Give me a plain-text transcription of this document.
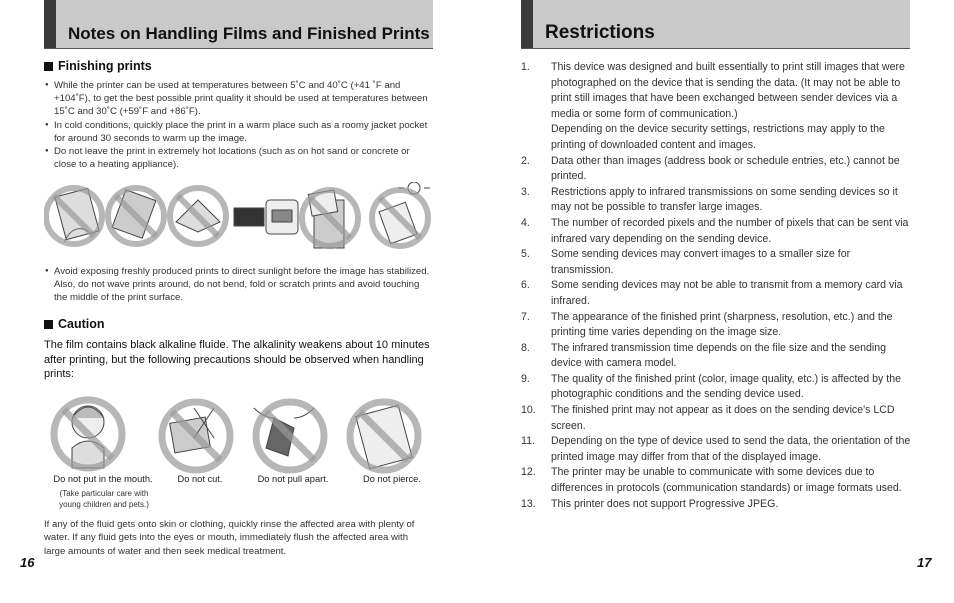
Notes on Handling Films and Finished Prints
Finishing prints
● While the printer can be used at temperatures between 5˚C and 40˚C (+41 ˚F and +104˚F), to get the best possible print quality it should be used at temperatures between 15˚C and 30˚C (+59˚F and +86˚F).
● In cold conditions, quickly place the print in a warm place such as a roomy jacket pocket for around 30 seconds to warm up the image.
● Do not leave the print in extremely hot locations (such as on hot sand or concrete or close to a heating appliance).
● Avoid exposing freshly produced prints to direct sunlight before the image has stabilized. Also, do not wave prints around, do not bend, fold or scratch prints and avoid touching the middle of the print surface.
Caution

The film contains black alkaline fluide. The alkalinity weakens about 10 minutes after printing, but the following precautions should be observed when handling prints:

Do not put in the mouth.	Do not cut.	Do not pull apart.	Do not pierce.
(Take particular care with young children and pets.)

If any of the fluid gets onto skin or clothing, quickly rinse the affected area with plenty of water. If any fluid gets into the eyes or mouth, immediately flush the affected area with large amounts of water and then seek medical treatment.

16
Restrictions
1.	This device was designed and built essentially to print still images that were photographed on the device that is sending the data. (It may not be able to print still images that have been exchanged between sender devices via a media or some form of communication.)
Depending on the device security settings, restrictions may apply to the printing of downloaded content and images.
2.	Data other than images (address book or schedule entries, etc.) cannot be printed.
3.	Restrictions apply to infrared transmissions on some sending devices so it may not be possible to transfer large images.
4.	The number of recorded pixels and the number of pixels that can be sent via infrared vary depending on the sending device.
5.	Some sending devices may convert images to a smaller size for transmission.
6.	Some sending devices may not be able to transmit from a memory card via infrared.
7.	The appearance of the finished print (sharpness, resolution, etc.) and the printing time varies depending on the image size.
8.	The infrared transmission time depends on the file size and the sending device with camera model.
9.	The quality of the finished print (color, image quality, etc.) is affected by the photographic conditions and the sending device used.
10.	The finished print may not appear as it does on the sending device's LCD screen.
11.	Depending on the type of device used to send the data, the orientation of the printed image may differ from that of the displayed image.
12.	The printer may be unable to communicate with some devices due to differences in protocols (communication standards) or image formats used.
13.	This printer does not support Progressive JPEG.
17
